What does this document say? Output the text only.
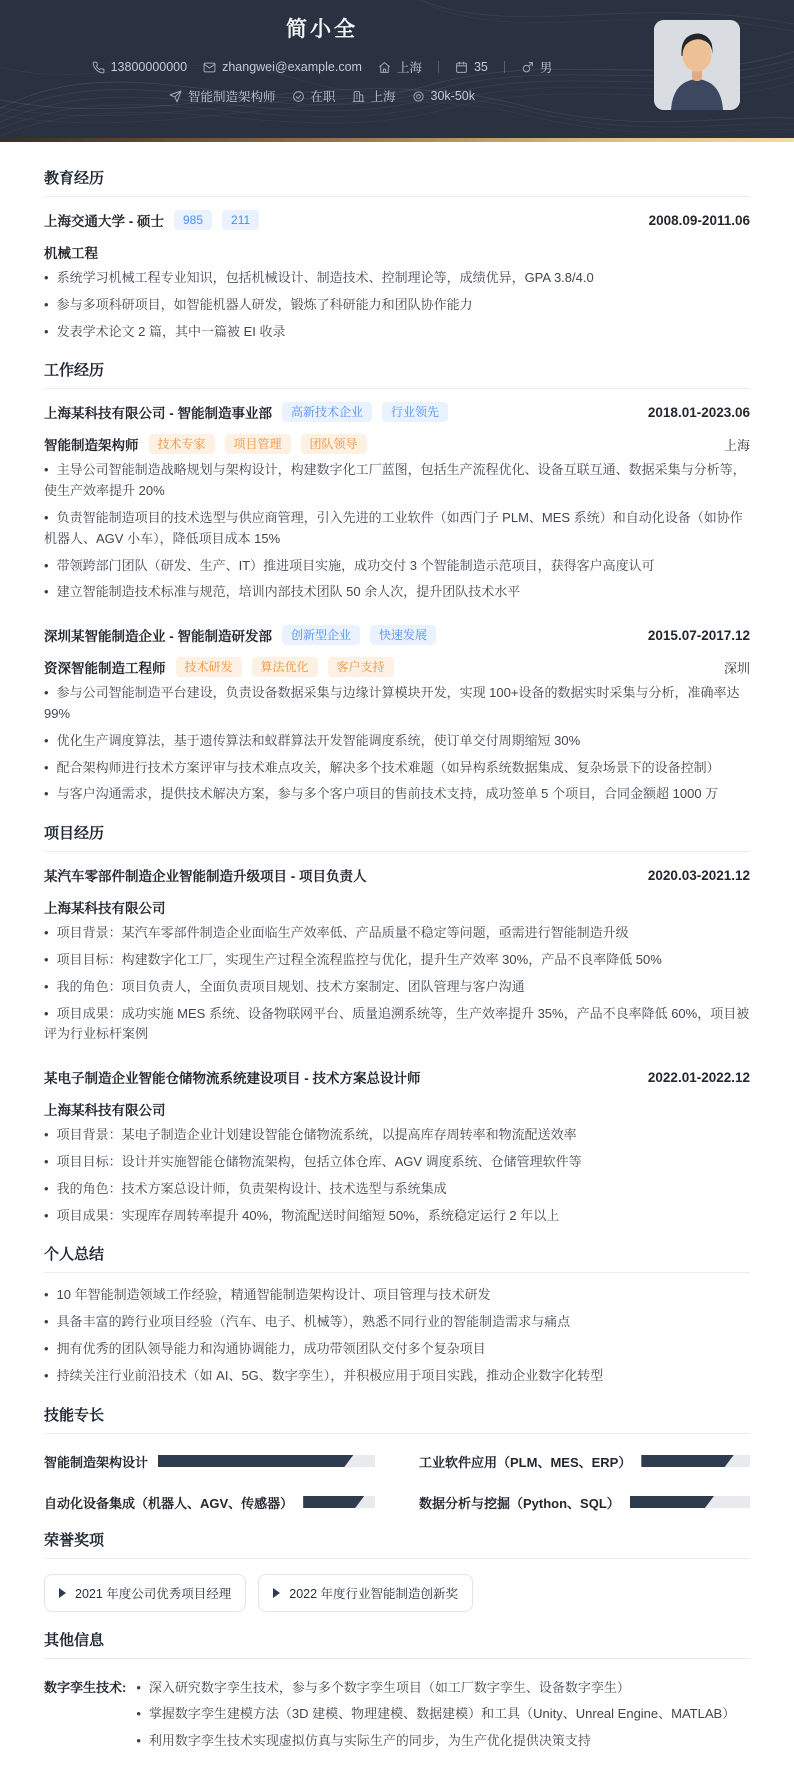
简小全
13800000000	zhangwei@example.com	上海	35	男
智能制造架构师	在职	上海	30k-50k
教育经历
上海交通大学 - 硕士	985	211	2008.09-2011.06
机械工程
• 系统学习机械工程专业知识，包括机械设计、制造技术、控制理论等，成绩优异，GPA 3.8/4.0
• 参与多项科研项目，如智能机器人研发，锻炼了科研能力和团队协作能力
• 发表学术论文 2 篇，其中一篇被 EI 收录
工作经历
上海某科技有限公司 - 智能制造事业部	高新技术企业	行业领先	2018.01-2023.06
智能制造架构师	技术专家	项目管理	团队领导	上海
• 主导公司智能制造战略规划与架构设计，构建数字化工厂蓝图，包括生产流程优化、设备互联互通、数据采集与分析等，使生产效率提升 20%
• 负责智能制造项目的技术选型与供应商管理，引入先进的工业软件（如西门子 PLM、MES 系统）和自动化设备（如协作机器人、AGV 小车），降低项目成本 15%
• 带领跨部门团队（研发、生产、IT）推进项目实施，成功交付 3 个智能制造示范项目，获得客户高度认可
• 建立智能制造技术标准与规范，培训内部技术团队 50 余人次，提升团队技术水平
深圳某智能制造企业 - 智能制造研发部	创新型企业	快速发展	2015.07-2017.12
资深智能制造工程师	技术研发	算法优化	客户支持	深圳
• 参与公司智能制造平台建设，负责设备数据采集与边缘计算模块开发，实现 100+设备的数据实时采集与分析，准确率达 99%
• 优化生产调度算法，基于遗传算法和蚁群算法开发智能调度系统，使订单交付周期缩短 30%
• 配合架构师进行技术方案评审与技术难点攻关，解决多个技术难题（如异构系统数据集成、复杂场景下的设备控制）
• 与客户沟通需求，提供技术解决方案，参与多个客户项目的售前技术支持，成功签单 5 个项目，合同金额超 1000 万
项目经历
某汽车零部件制造企业智能制造升级项目 - 项目负责人	2020.03-2021.12
上海某科技有限公司
• 项目背景：某汽车零部件制造企业面临生产效率低、产品质量不稳定等问题，亟需进行智能制造升级
• 项目目标：构建数字化工厂，实现生产过程全流程监控与优化，提升生产效率 30%，产品不良率降低 50%
• 我的角色：项目负责人，全面负责项目规划、技术方案制定、团队管理与客户沟通
• 项目成果：成功实施 MES 系统、设备物联网平台、质量追溯系统等，生产效率提升 35%，产品不良率降低 60%，项目被评为行业标杆案例
某电子制造企业智能仓储物流系统建设项目 - 技术方案总设计师	2022.01-2022.12
上海某科技有限公司
• 项目背景：某电子制造企业计划建设智能仓储物流系统，以提高库存周转率和物流配送效率
• 项目目标：设计并实施智能仓储物流架构，包括立体仓库、AGV 调度系统、仓储管理软件等
• 我的角色：技术方案总设计师，负责架构设计、技术选型与系统集成
• 项目成果：实现库存周转率提升 40%，物流配送时间缩短 50%，系统稳定运行 2 年以上
个人总结
• 10 年智能制造领域工作经验，精通智能制造架构设计、项目管理与技术研发
• 具备丰富的跨行业项目经验（汽车、电子、机械等），熟悉不同行业的智能制造需求与痛点
• 拥有优秀的团队领导能力和沟通协调能力，成功带领团队交付多个复杂项目
• 持续关注行业前沿技术（如 AI、5G、数字孪生），并积极应用于项目实践，推动企业数字化转型
技能专长
智能制造架构设计	工业软件应用（PLM、MES、ERP）
自动化设备集成（机器人、AGV、传感器）	数据分析与挖掘（Python、SQL）
荣誉奖项
2021 年度公司优秀项目经理	2022 年度行业智能制造创新奖
其他信息
数字孪生技术:	• 深入研究数字孪生技术，参与多个数字孪生项目（如工厂数字孪生、设备数字孪生）
• 掌握数字孪生建模方法（3D 建模、物理建模、数据建模）和工具（Unity、Unreal Engine、MATLAB）
• 利用数字孪生技术实现虚拟仿真与实际生产的同步，为生产优化提供决策支持
